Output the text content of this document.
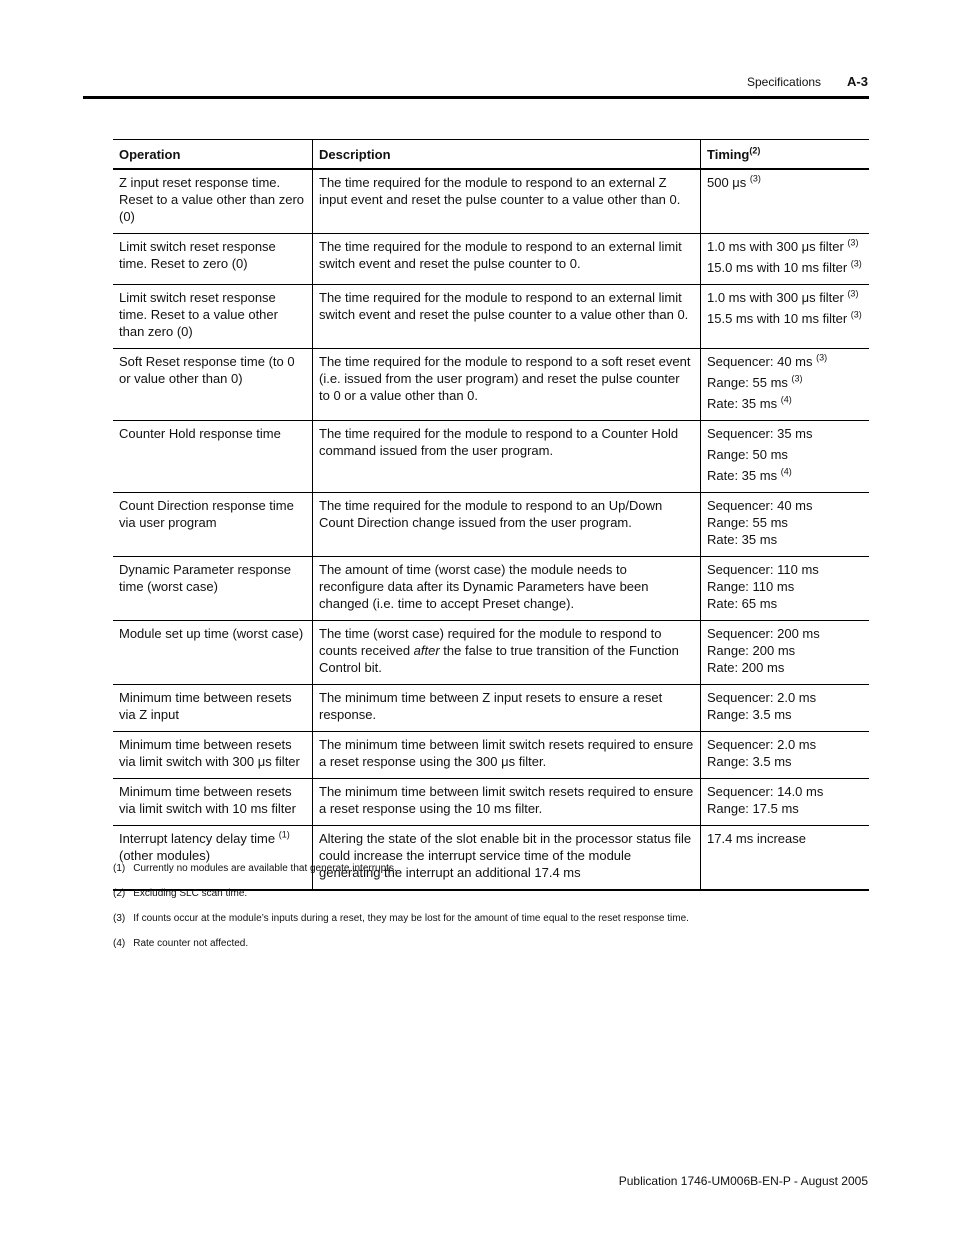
Specifications A-3
Operation	Description	Timing$^{(2)}$
Z input reset response time. Reset to a value other than zero (0)	The time required for the module to respond to an external Z input event and reset the pulse counter to a value other than 0.	500 μs $^{(3)}$

Limit switch reset response time. Reset to zero (0)	The time required for the module to respond to an external limit switch event and reset the pulse counter to 0.	1.0 ms with 300 μs filter $^{(3)}$
15.0 ms with 10 ms filter $^{(3)}$

Limit switch reset response time. Reset to a value other than zero (0)	The time required for the module to respond to an external limit switch event and reset the pulse counter to a value other than 0.	1.0 ms with 300 μs filter $^{(3)}$
15.5 ms with 10 ms filter $^{(3)}$

Soft Reset response time (to 0 or value other than 0)	The time required for the module to respond to a soft reset event (i.e. issued from the user program) and reset the pulse counter to 0 or a value other than 0.	Sequencer: 40 ms $^{(3)}$
Range: 55 ms $^{(3)}$
Rate: 35 ms $^{(4)}$

Counter Hold response time	The time required for the module to respond to a Counter Hold command issued from the user program.	Sequencer: 35 ms
Range: 50 ms
Rate: 35 ms $^{(4)}$

Count Direction response time via user program	The time required for the module to respond to an Up/Down Count Direction change issued from the user program.	Sequencer: 40 ms
Range: 55 ms
Rate: 35 ms

Dynamic Parameter response time (worst case)	The amount of time (worst case) the module needs to reconfigure data after its Dynamic Parameters have been changed (i.e. time to accept Preset change).	Sequencer: 110 ms
Range: 110 ms
Rate: 65 ms

Module set up time (worst case)	The time (worst case) required for the module to respond to counts received after the false to true transition of the Function Control bit.	Sequencer: 200 ms
Range: 200 ms
Rate: 200 ms

Minimum time between resets via Z input	The minimum time between Z input resets to ensure a reset response.	Sequencer: 2.0 ms
Range: 3.5 ms

Minimum time between resets via limit switch with 300 μs filter	The minimum time between limit switch resets required to ensure a reset response using the 300 μs filter.	Sequencer: 2.0 ms
Range: 3.5 ms

Minimum time between resets via limit switch with 10 ms filter	The minimum time between limit switch resets required to ensure a reset response using the 10 ms filter.	Sequencer: 14.0 ms
Range: 17.5 ms

Interrupt latency delay time $^{(1)}$ (other modules)	Altering the state of the slot enable bit in the processor status file could increase the interrupt service time of the module generating the interrupt an additional 17.4 ms	17.4 ms increase
(1) Currently no modules are available that generate interrupts.
(2) Excluding SLC scan time.
(3) If counts occur at the module’s inputs during a reset, they may be lost for the amount of time equal to the reset response time.
(4) Rate counter not affected.
Publication 1746-UM006B-EN-P - August 2005
